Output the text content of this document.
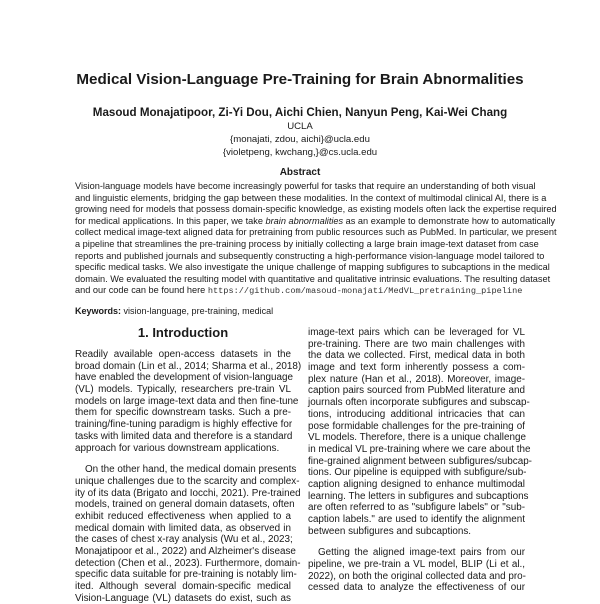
Medical Vision-Language Pre-Training for Brain Abnormalities
Masoud Monajatipoor, Zi-Yi Dou, Aichi Chien, Nanyun Peng, Kai-Wei Chang
UCLA
{monajati, zdou, aichi}@ucla.edu
{violetpeng, kwchang,}@cs.ucla.edu
Abstract
Vision-language models have become increasingly powerful for tasks that require an understanding of both visual
and linguistic elements, bridging the gap between these modalities. In the context of multimodal clinical AI, there is a
growing need for models that possess domain-specific knowledge, as existing models often lack the expertise required
for medical applications. In this paper, we take brain abnormalities as an example to demonstrate how to automatically
collect medical image-text aligned data for pretraining from public resources such as PubMed. In particular, we present
a pipeline that streamlines the pre-training process by initially collecting a large brain image-text dataset from case
reports and published journals and subsequently constructing a high-performance vision-language model tailored to
specific medical tasks. We also investigate the unique challenge of mapping subfigures to subcaptions in the medical
domain. We evaluated the resulting model with quantitative and qualitative intrinsic evaluations. The resulting dataset
and our code can be found here https://github.com/masoud-monajati/MedVL_pretraining_pipeline
Keywords: vision-language, pre-training, medical
1. Introduction
Readily available open-access datasets in the
broad domain (Lin et al., 2014; Sharma et al., 2018)
have enabled the development of vision-language
(VL) models. Typically, researchers pre-train VL
models on large image-text data and then fine-tune
them for specific downstream tasks. Such a pre-
training/fine-tuning paradigm is highly effective for
tasks with limited data and therefore is a standard
approach for various downstream applications.
On the other hand, the medical domain presents
unique challenges due to the scarcity and complex-
ity of its data (Brigato and Iocchi, 2021). Pre-trained
models, trained on general domain datasets, often
exhibit reduced effectiveness when applied to a
medical domain with limited data, as observed in
the cases of chest x-ray analysis (Wu et al., 2023;
Monajatipoor et al., 2022) and Alzheimer's disease
detection (Chen et al., 2023). Furthermore, domain-
specific data suitable for pre-training is notably lim-
ited. Although several domain-specific medical
Vision-Language (VL) datasets do exist, such as
image-text pairs which can be leveraged for VL
pre-training. There are two main challenges with
the data we collected. First, medical data in both
image and text form inherently possess a com-
plex nature (Han et al., 2018). Moreover, image-
caption pairs sourced from PubMed literature and
journals often incorporate subfigures and subscap-
tions, introducing additional intricacies that can
pose formidable challenges for the pre-training of
VL models. Therefore, there is a unique challenge
in medical VL pre-training where we care about the
fine-grained alignment between subfigures/subcap-
tions. Our pipeline is equipped with subfigure/sub-
caption aligning designed to enhance multimodal
learning. The letters in subfigures and subcaptions
are often referred to as "subfigure labels" or "sub-
caption labels." are used to identify the alignment
between subfigures and subcaptions.
Getting the aligned image-text pairs from our
pipeline, we pre-train a VL model, BLIP (Li et al.,
2022), on both the original collected data and pro-
cessed data to analyze the effectiveness of our
